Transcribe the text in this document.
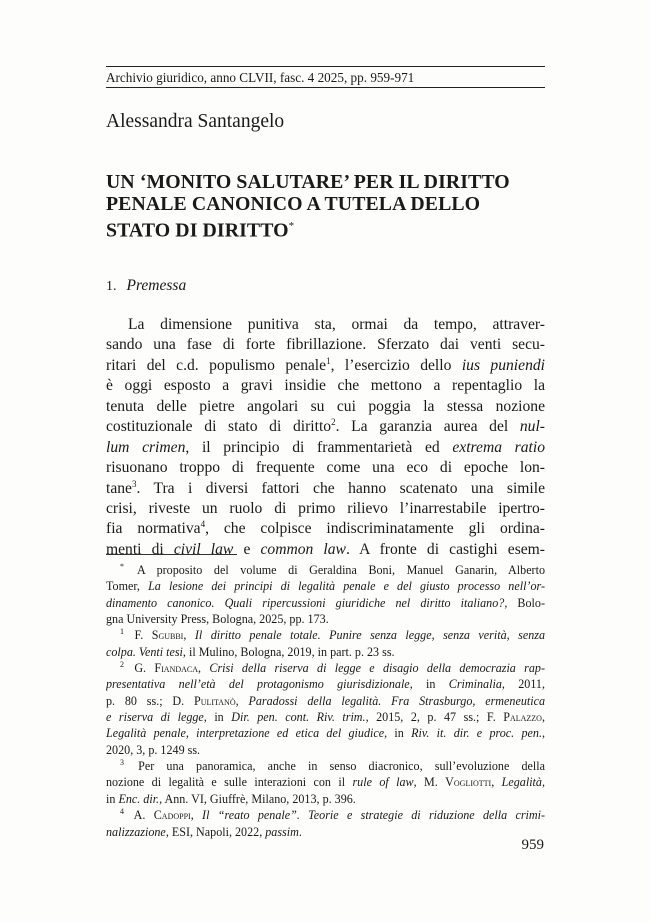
Archivio giuridico, anno CLVII, fasc. 4 2025, pp. 959-971
Alessandra Santangelo
UN ‘MONITO SALUTARE’ PER IL DIRITTO
PENALE CANONICO A TUTELA DELLO
STATO DI DIRITTO*
1. Premessa
La dimensione punitiva sta, ormai da tempo, attraver-
sando una fase di forte fibrillazione. Sferzato dai venti secu-
ritari del c.d. populismo penale$^1$, l’esercizio dello ius puniendi
è oggi esposto a gravi insidie che mettono a repentaglio la
tenuta delle pietre angolari su cui poggia la stessa nozione
costituzionale di stato di diritto$^2$. La garanzia aurea del nul-
lum crimen, il principio di frammentarietà ed extrema ratio
risuonano troppo di frequente come una eco di epoche lon-
tane$^3$. Tra i diversi fattori che hanno scatenato una simile
crisi, riveste un ruolo di primo rilievo l’inarrestabile ipertro-
fia normativa$^4$, che colpisce indiscriminatamente gli ordina-
menti di civil law e common law. A fronte di castighi esem-
* A proposito del volume di Geraldina Boni, Manuel Ganarin, Alberto
Tomer, La lesione dei principi di legalità penale e del giusto processo nell’or-
dinamento canonico. Quali ripercussioni giuridiche nel diritto italiano?, Bolo-
gna University Press, Bologna, 2025, pp. 173.
$^1$ F. Sgubbi, Il diritto penale totale. Punire senza legge, senza verità, senza
colpa. Venti tesi, il Mulino, Bologna, 2019, in part. p. 23 ss.
$^2$ G. Fiandaca, Crisi della riserva di legge e disagio della democrazia rap-
presentativa nell’età del protagonismo giurisdizionale, in Criminalia, 2011,
p. 80 ss.; D. Pulitanò, Paradossi della legalità. Fra Strasburgo, ermeneutica
e riserva di legge, in Dir. pen. cont. Riv. trim., 2015, 2, p. 47 ss.; F. Palazzo,
Legalità penale, interpretazione ed etica del giudice, in Riv. it. dir. e proc. pen.,
2020, 3, p. 1249 ss.
$^3$ Per una panoramica, anche in senso diacronico, sull’evoluzione della
nozione di legalità e sulle interazioni con il rule of law, M. Vogliotti, Legalità,
in Enc. dir., Ann. VI, Giuffrè, Milano, 2013, p. 396.
$^4$ A. Cadoppi, Il “reato penale”. Teorie e strategie di riduzione della crimi-
nalizzazione, ESI, Napoli, 2022, passim.
959
